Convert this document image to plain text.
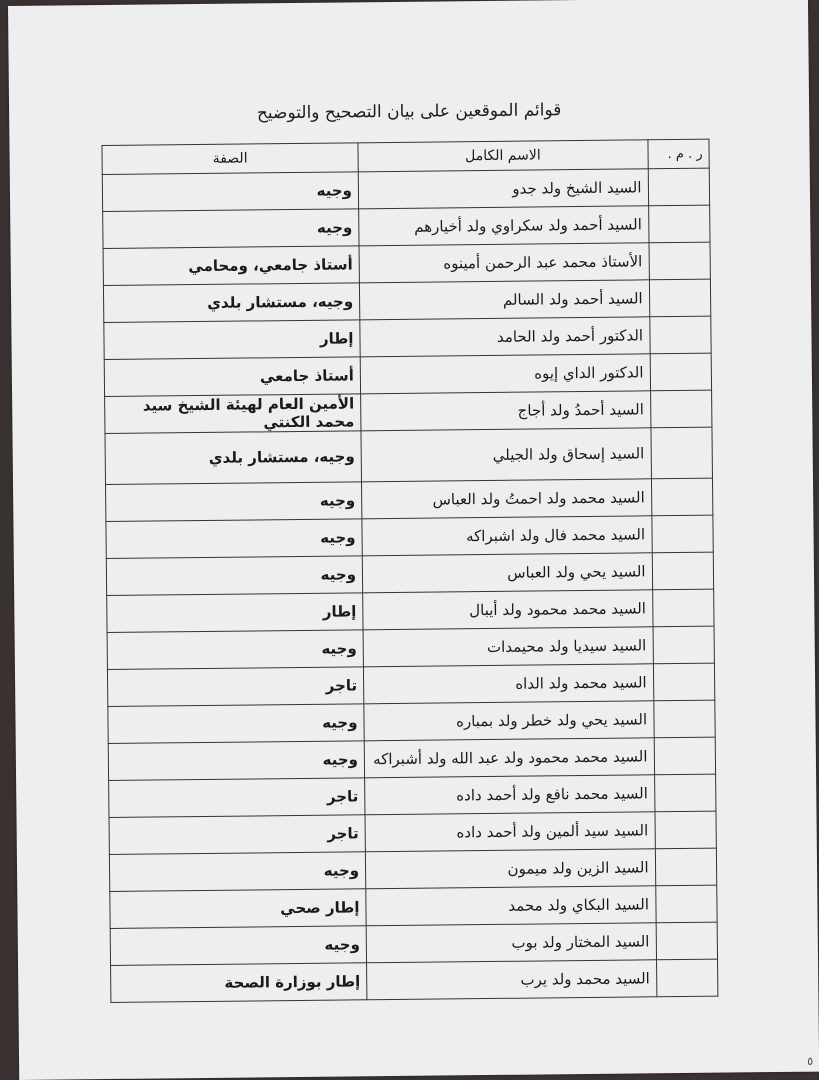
قوائم الموقعين على بيان التصحيح والتوضيح
ر . م .	الاسم الكامل	الصفة
	السيد الشيخ ولد جدو	وجيه
	السيد أحمد ولد سكراوي ولد أخيارهم	وجيه
	الأستاذ محمد عبد الرحمن أمينوه	أستاذ جامعي، ومحامي
	السيد أحمد ولد السالم	وجيه، مستشار بلدي
	الدكتور أحمد ولد الحامد	إطار
	الدكتور الداي إيوه	أستاذ جامعي
	السيد أحمدُ ولد أجاج	الأمين العام لهيئة الشيخ سيد محمد الكنتي
	السيد إسحاق ولد الجيلي	وجيه، مستشار بلدي
	السيد محمد ولد احمتُ ولد العباس	وجيه
	السيد محمد فال ولد اشبراكه	وجيه
	السيد يحي ولد العباس	وجيه
	السيد محمد محمود ولد أيبال	إطار
	السيد سيديا ولد محيمدات	وجيه
	السيد محمد ولد الداه	تاجر
	السيد يحي ولد خطر ولد بمباره	وجيه
	السيد محمد محمود ولد عبد الله ولد أشبراكه	وجيه
	السيد محمد نافع ولد أحمد داده	تاجر
	السيد سيد ألمين ولد أحمد داده	تاجر
	السيد الزين ولد ميمون	وجيه
	السيد البكاي ولد محمد	إطار صحي
	السيد المختار ولد بوب	وجيه
	السيد محمد ولد يرب	إطار بوزارة الصحة
٥
